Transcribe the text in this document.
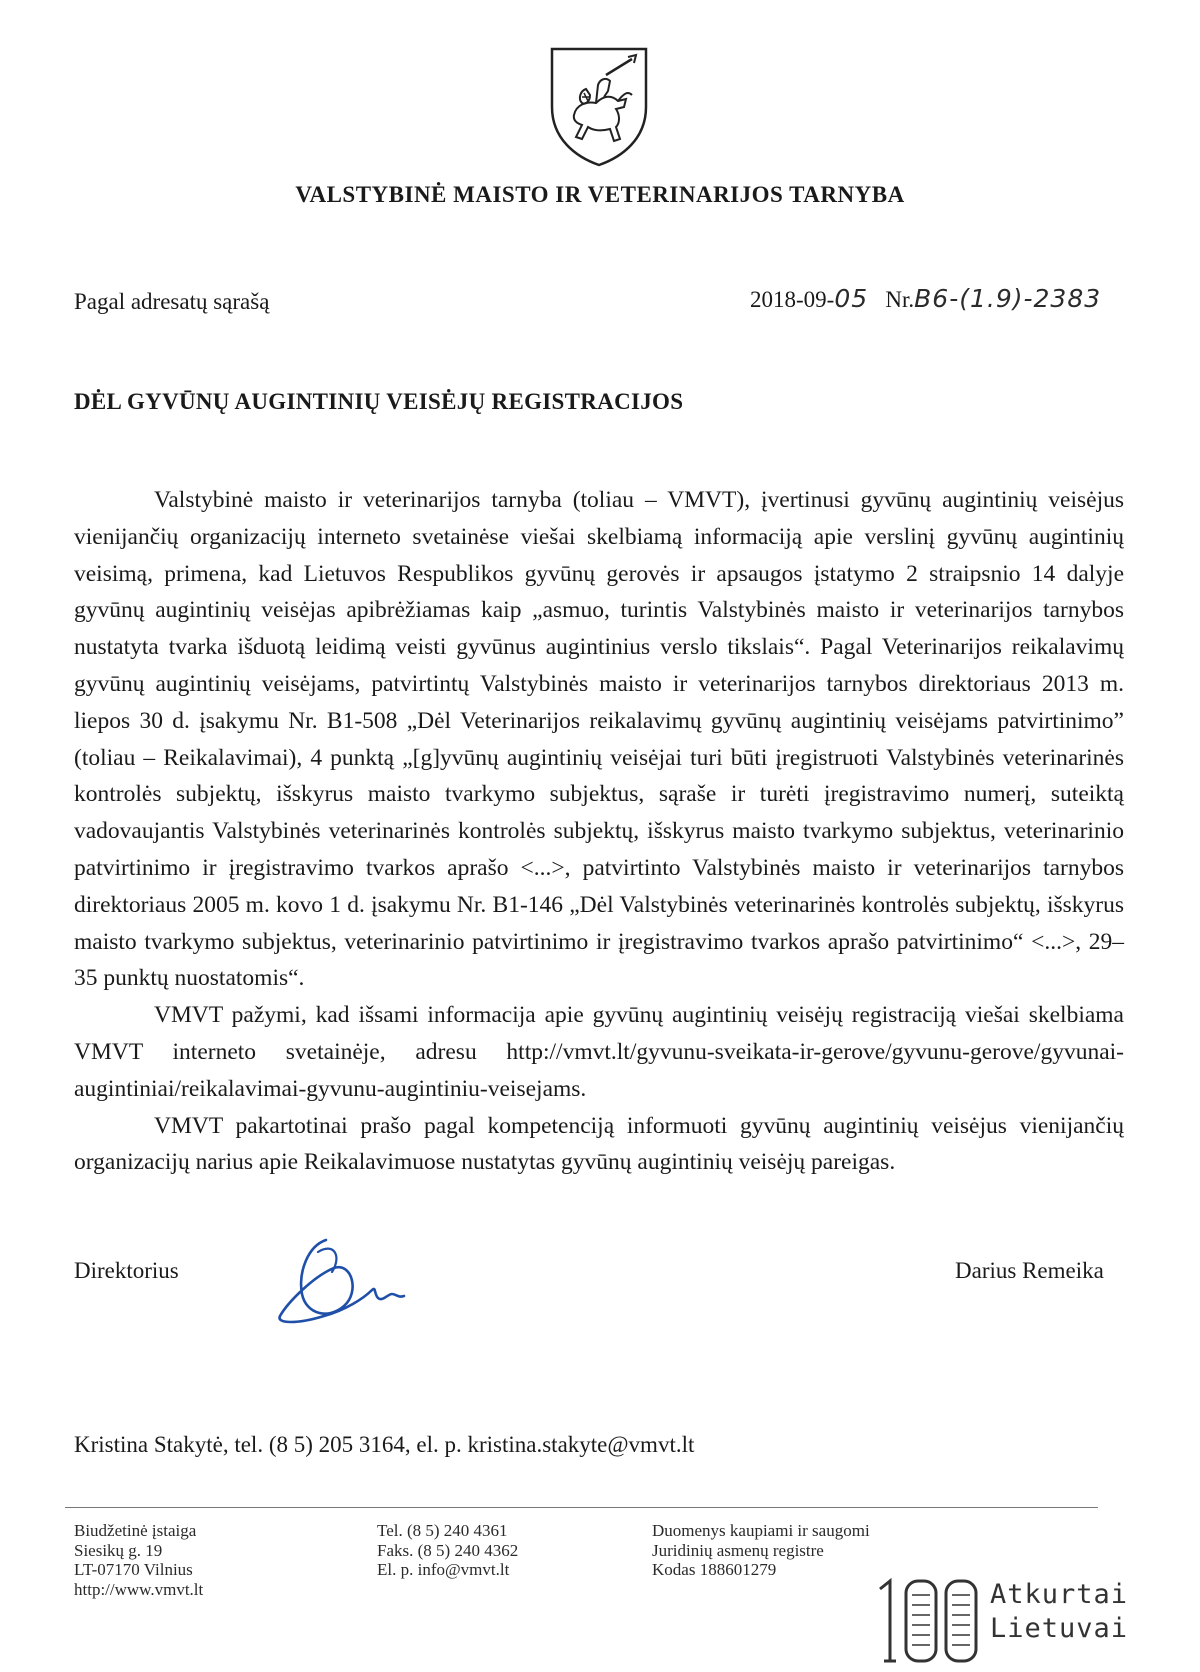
VALSTYBINĖ MAISTO IR VETERINARIJOS TARNYBA
Pagal adresatų sąrašą	2018-09-05 Nr.B6-(1.9)-2383
DĖL GYVŪNŲ AUGINTINIŲ VEISĖJŲ REGISTRACIJOS

Valstybinė maisto ir veterinarijos tarnyba (toliau – VMVT), įvertinusi gyvūnų augintinių veisėjus vienijančių organizacijų interneto svetainėse viešai skelbiamą informaciją apie verslinį gyvūnų augintinių veisimą, primena, kad Lietuvos Respublikos gyvūnų gerovės ir apsaugos įstatymo 2 straipsnio 14 dalyje gyvūnų augintinių veisėjas apibrėžiamas kaip „asmuo, turintis Valstybinės maisto ir veterinarijos tarnybos nustatyta tvarka išduotą leidimą veisti gyvūnus augintinius verslo tikslais“. Pagal Veterinarijos reikalavimų gyvūnų augintinių veisėjams, patvirtintų Valstybinės maisto ir veterinarijos tarnybos direktoriaus 2013 m. liepos 30 d. įsakymu Nr. B1-508 „Dėl Veterinarijos reikalavimų gyvūnų augintinių veisėjams patvirtinimo” (toliau – Reikalavimai), 4 punktą „[g]yvūnų augintinių veisėjai turi būti įregistruoti Valstybinės veterinarinės kontrolės subjektų, išskyrus maisto tvarkymo subjektus, sąraše ir turėti įregistravimo numerį, suteiktą vadovaujantis Valstybinės veterinarinės kontrolės subjektų, išskyrus maisto tvarkymo subjektus, veterinarinio patvirtinimo ir įregistravimo tvarkos aprašo <...>, patvirtinto Valstybinės maisto ir veterinarijos tarnybos direktoriaus 2005 m. kovo 1 d. įsakymu Nr. B1-146 „Dėl Valstybinės veterinarinės kontrolės subjektų, išskyrus maisto tvarkymo subjektus, veterinarinio patvirtinimo ir įregistravimo tvarkos aprašo patvirtinimo“ <...>, 29–35 punktų nuostatomis“.

VMVT pažymi, kad išsami informacija apie gyvūnų augintinių veisėjų registraciją viešai skelbiama VMVT interneto svetainėje, adresu http://vmvt.lt/gyvunu-sveikata-ir-gerove/gyvunu-gerove/gyvunai-augintiniai/reikalavimai-gyvunu-augintiniu-veisejams.

VMVT pakartotinai prašo pagal kompetenciją informuoti gyvūnų augintinių veisėjus vienijančių organizacijų narius apie Reikalavimuose nustatytas gyvūnų augintinių veisėjų pareigas.

Direktorius	Darius Remeika
Kristina Stakytė, tel. (8 5) 205 3164, el. p. kristina.stakyte@vmvt.lt
Biudžetinė įstaiga
Siesikų g. 19
LT-07170 Vilnius
http://www.vmvt.lt
Tel. (8 5) 240 4361
Faks. (8 5) 240 4362
El. p. info@vmvt.lt
Duomenys kaupiami ir saugomi
Juridinių asmenų registre
Kodas 188601279
Atkurtai
Lietuvai
